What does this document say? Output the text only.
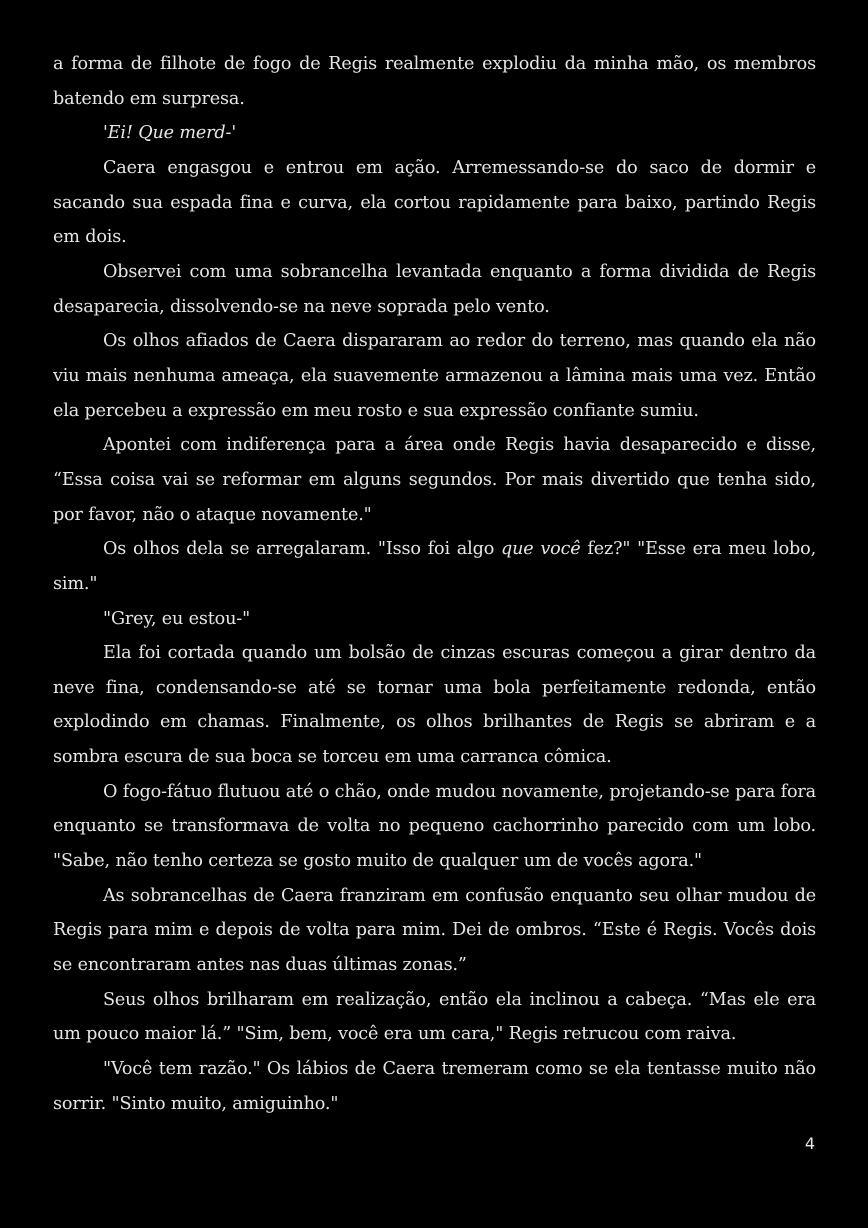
a forma de filhote de fogo de Regis realmente explodiu da minha mão, os membros batendo em surpresa.

'Ei! Que merd-'

Caera engasgou e entrou em ação. Arremessando-se do saco de dormir e sacando sua espada fina e curva, ela cortou rapidamente para baixo, partindo Regis em dois.

Observei com uma sobrancelha levantada enquanto a forma dividida de Regis desaparecia, dissolvendo-se na neve soprada pelo vento.

Os olhos afiados de Caera dispararam ao redor do terreno, mas quando ela não viu mais nenhuma ameaça, ela suavemente armazenou a lâmina mais uma vez. Então ela percebeu a expressão em meu rosto e sua expressão confiante sumiu.

Apontei com indiferença para a área onde Regis havia desaparecido e disse, “Essa coisa vai se reformar em alguns segundos. Por mais divertido que tenha sido, por favor, não o ataque novamente."

Os olhos dela se arregalaram. "Isso foi algo que você fez?" "Esse era meu lobo, sim."

"Grey, eu estou-"

Ela foi cortada quando um bolsão de cinzas escuras começou a girar dentro da neve fina, condensando-se até se tornar uma bola perfeitamente redonda, então explodindo em chamas. Finalmente, os olhos brilhantes de Regis se abriram e a sombra escura de sua boca se torceu em uma carranca cômica.

O fogo-fátuo flutuou até o chão, onde mudou novamente, projetando-se para fora enquanto se transformava de volta no pequeno cachorrinho parecido com um lobo. "Sabe, não tenho certeza se gosto muito de qualquer um de vocês agora."

As sobrancelhas de Caera franziram em confusão enquanto seu olhar mudou de Regis para mim e depois de volta para mim. Dei de ombros. “Este é Regis. Vocês dois se encontraram antes nas duas últimas zonas.”

Seus olhos brilharam em realização, então ela inclinou a cabeça. “Mas ele era um pouco maior lá.” "Sim, bem, você era um cara," Regis retrucou com raiva.

"Você tem razão." Os lábios de Caera tremeram como se ela tentasse muito não sorrir. "Sinto muito, amiguinho."

4
